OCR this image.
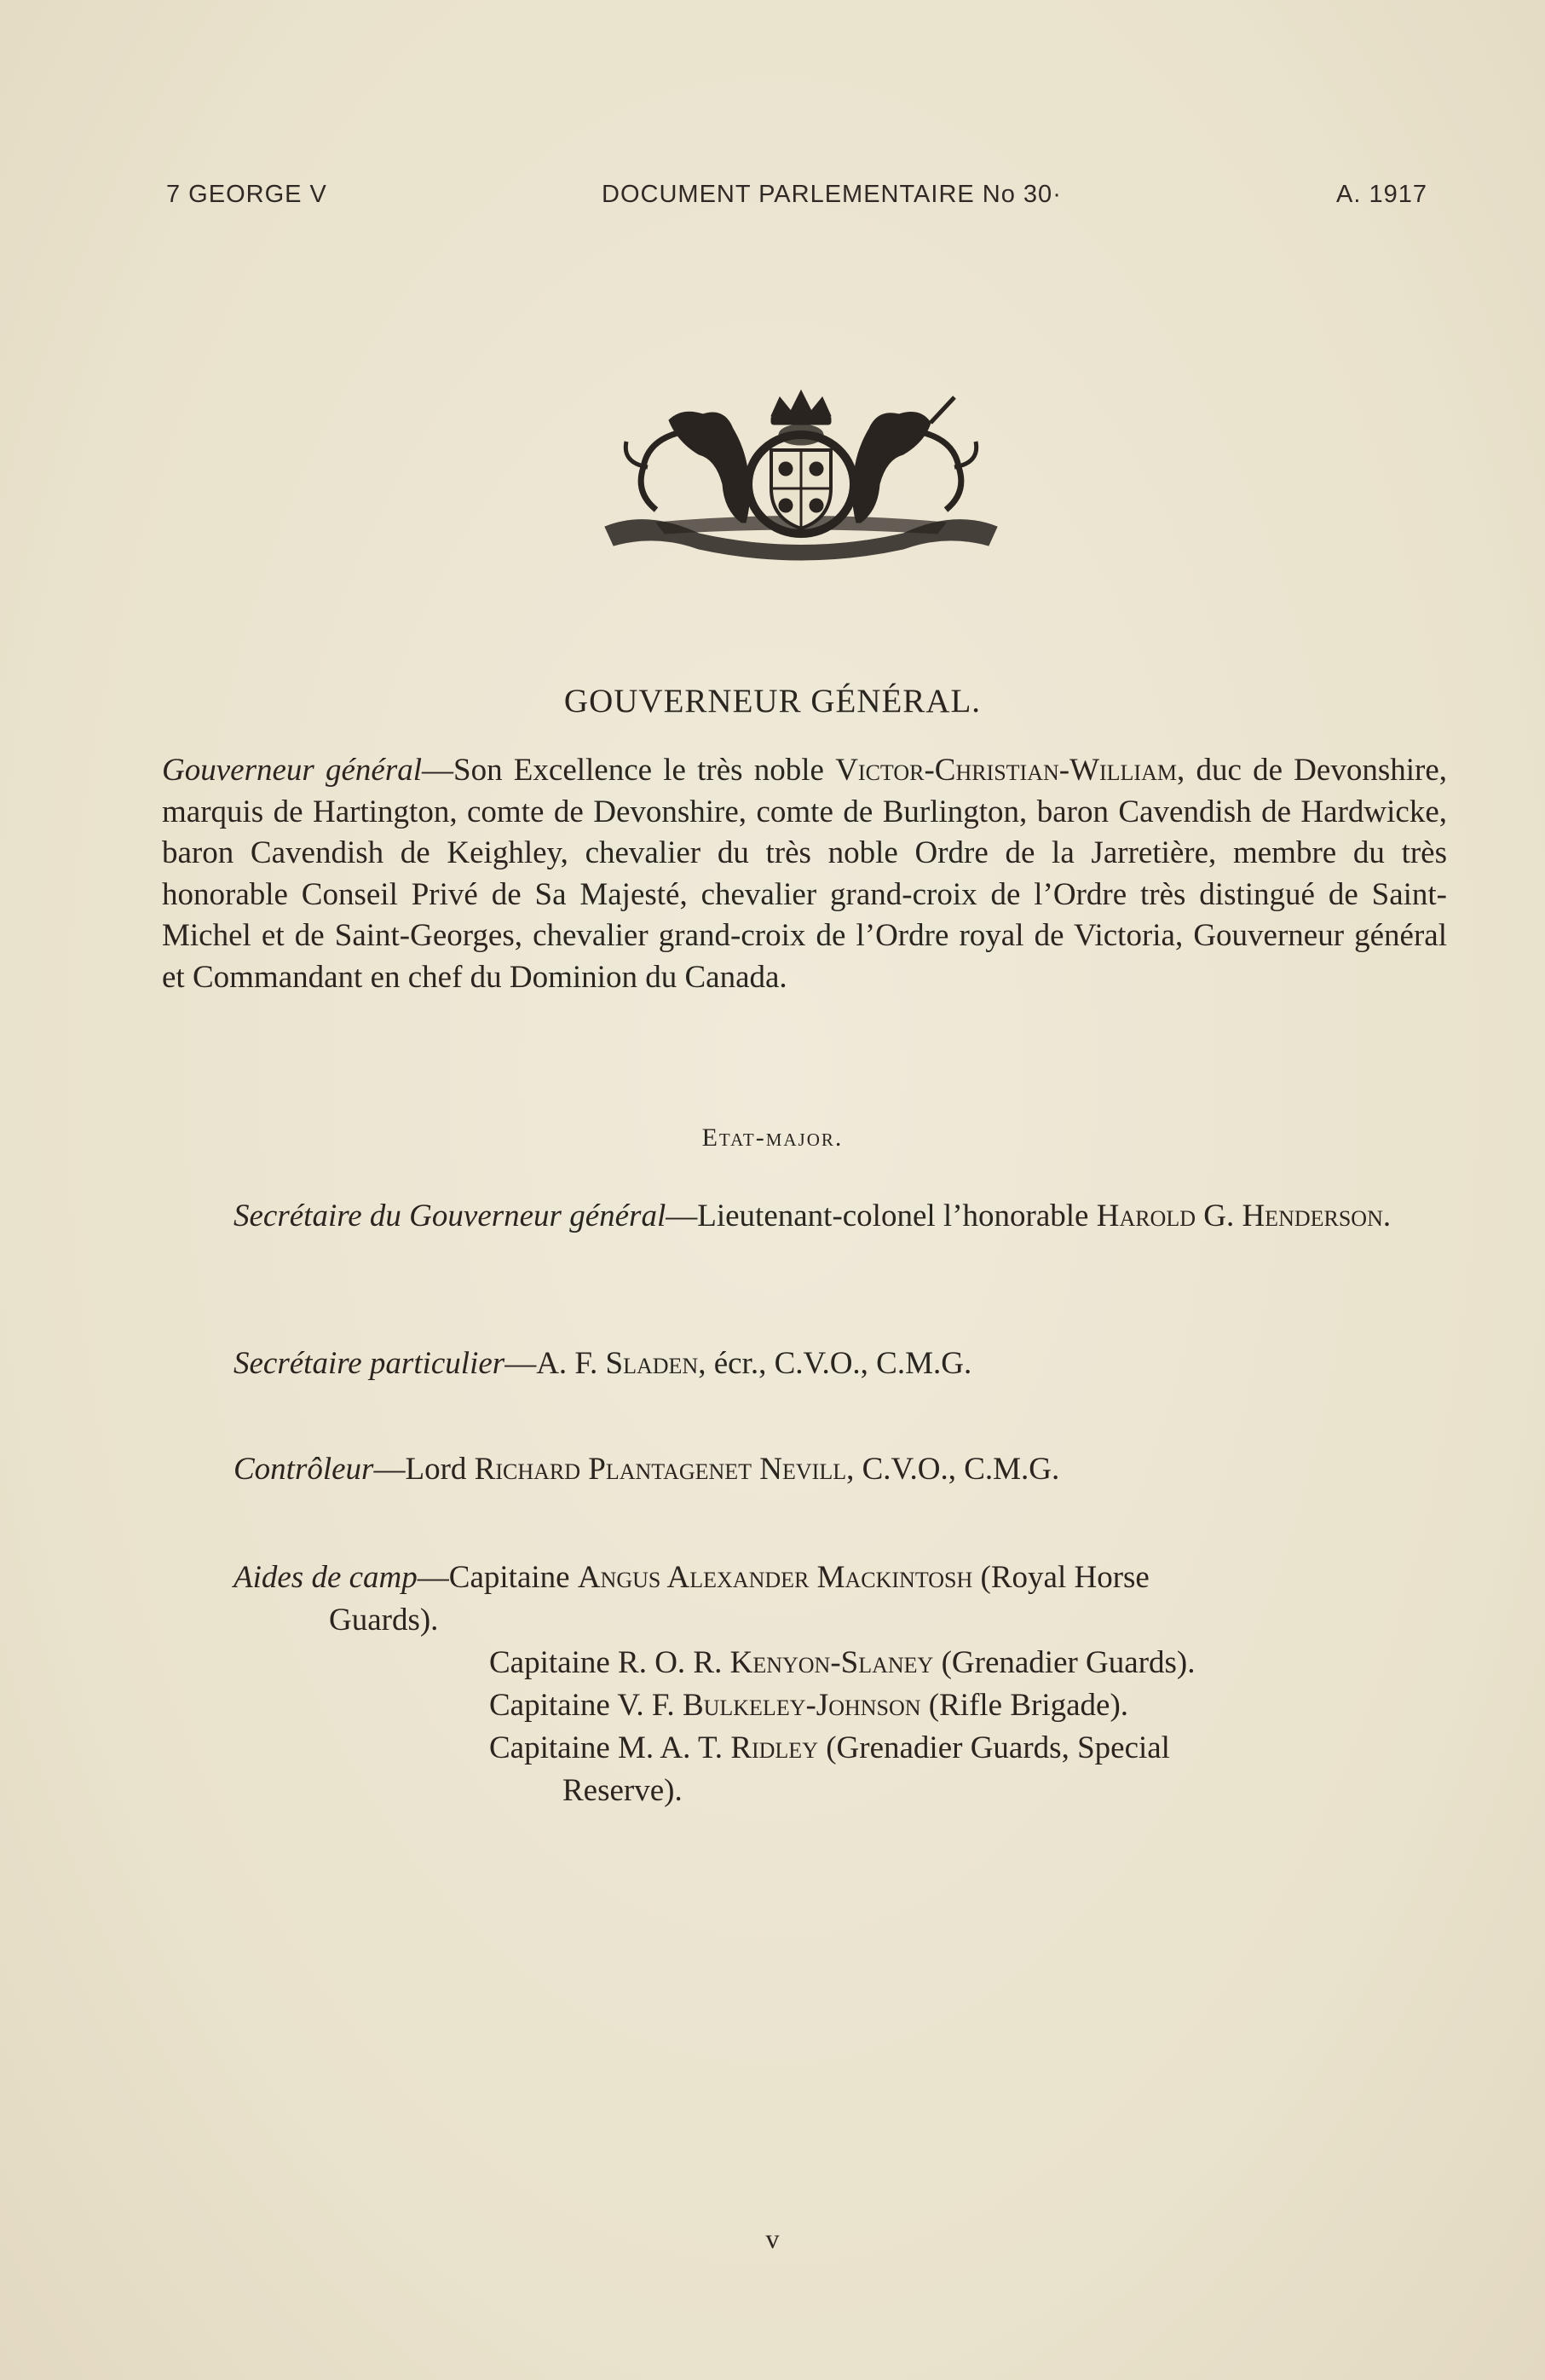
7 GEORGE V	DOCUMENT PARLEMENTAIRE No 30·	A. 1917
GOUVERNEUR GÉNÉRAL.
Gouverneur général—Son Excellence le très noble Victor-Christian-William, duc de Devonshire, marquis de Hartington, comte de Devonshire, comte de Burlington, baron Cavendish de Hardwicke, baron Cavendish de Keighley, chevalier du très noble Ordre de la Jarretière, membre du très honorable Conseil Privé de Sa Majesté, chevalier grand-croix de l’Ordre très distingué de Saint-Michel et de Saint-Georges, chevalier grand-croix de l’Ordre royal de Victoria, Gouverneur général et Commandant en chef du Dominion du Canada.
Etat-major.
Secrétaire du Gouverneur général—Lieutenant-colonel l’honorable Harold G. Henderson.
Secrétaire particulier—A. F. Sladen, écr., C.V.O., C.M.G.
Contrôleur—Lord Richard Plantagenet Nevill, C.V.O., C.M.G.
Aides de camp—Capitaine Angus Alexander Mackintosh (Royal Horse
Guards).
Capitaine R. O. R. Kenyon-Slaney (Grenadier Guards).
Capitaine V. F. Bulkeley-Johnson (Rifle Brigade).
Capitaine M. A. T. Ridley (Grenadier Guards, Special
Reserve).
v
